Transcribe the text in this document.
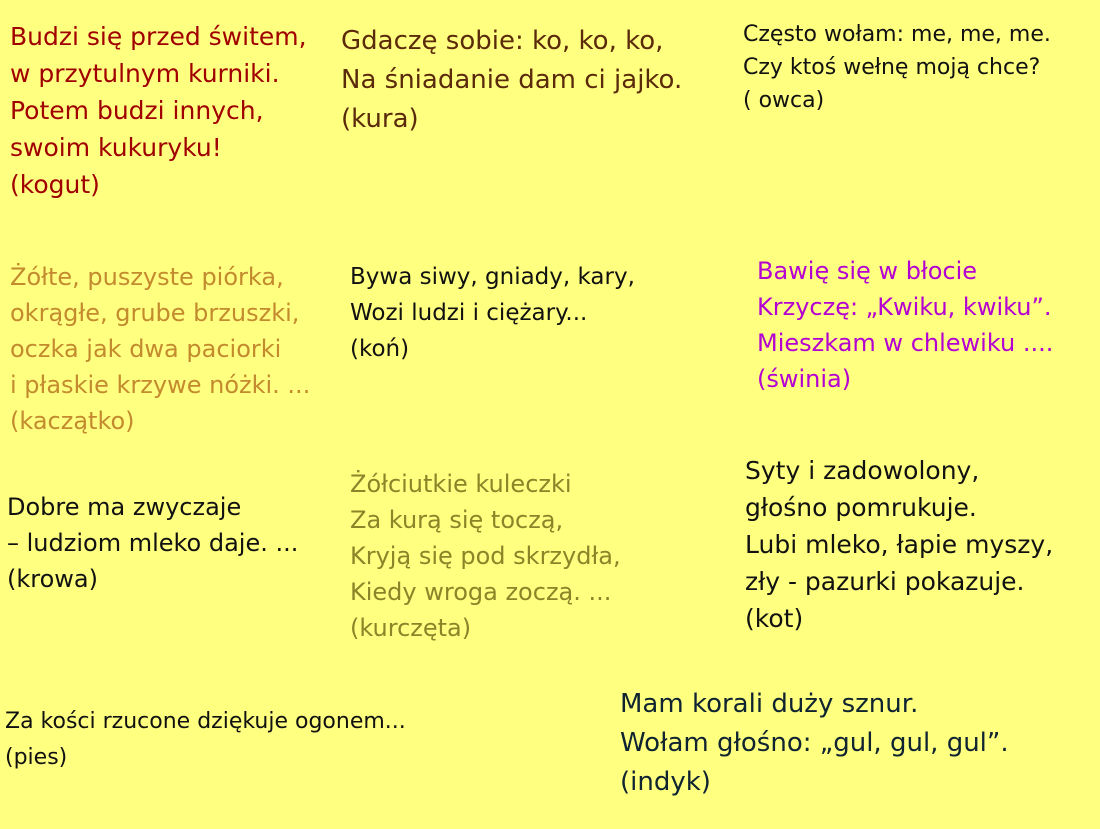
Budzi się przed świtem,
w przytulnym kurniki.
Potem budzi innych,
swoim kukuryku!
(kogut)
Gdaczę sobie: ko, ko, ko,
Na śniadanie dam ci jajko.
(kura)
Często wołam: me, me, me.
Czy ktoś wełnę moją chce?
( owca)
Żółte, puszyste piórka,
okrągłe, grube brzuszki,
oczka jak dwa paciorki
i płaskie krzywe nóżki. ...
(kaczątko)
Bywa siwy, gniady, kary,
Wozi ludzi i ciężary...
(koń)
Bawię się w błocie
Krzyczę: „Kwiku, kwiku”.
Mieszkam w chlewiku ....
(świnia)
Dobre ma zwyczaje
– ludziom mleko daje. ...
(krowa)
Żółciutkie kuleczki
Za kurą się toczą,
Kryją się pod skrzydła,
Kiedy wroga zoczą. ...
(kurczęta)
Syty i zadowolony,
głośno pomrukuje.
Lubi mleko, łapie myszy,
zły - pazurki pokazuje.
(kot)
Za kości rzucone dziękuje ogonem...
(pies)
Mam korali duży sznur.
Wołam głośno: „gul, gul, gul”.
(indyk)
